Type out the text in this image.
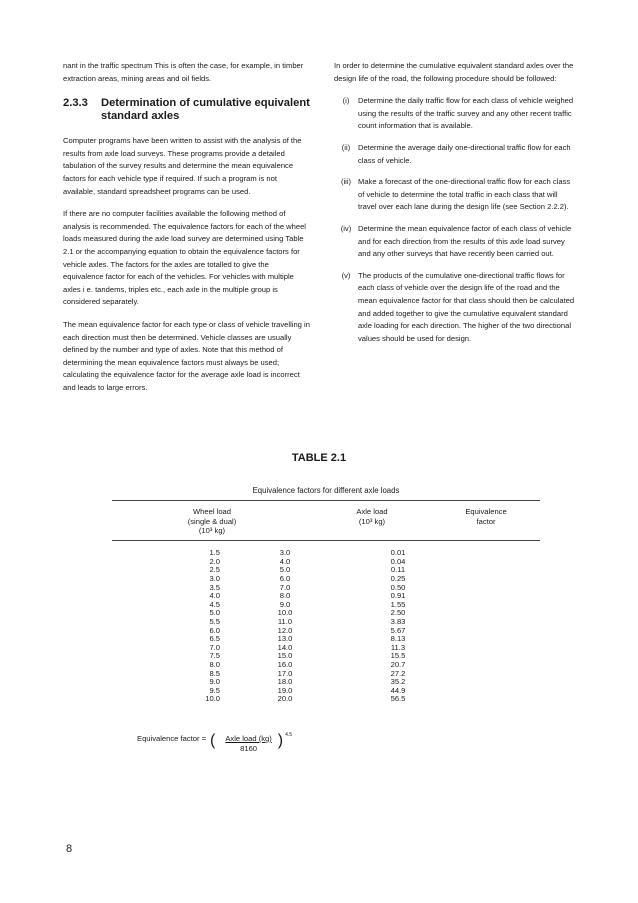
nant in the traffic spectrum This is often the case, for example, in timber extraction areas, mining areas and oil fields.

2.3.3	Determination of cumulative equivalent standard axles

Computer programs have been written to assist with the analysis of the results from axle load surveys. These programs provide a detailed tabulation of the survey results and determine the mean equivalence factors for each vehicle type if required. If such a program is not available, standard spreadsheet programs can be used.

If there are no computer facilities available the following method of analysis is recommended. The equivalence factors for each of the wheel loads measured during the axle load survey are determined using Table 2.1 or the accompanying equation to obtain the equivalence factors for vehicle axles. The factors for the axles are totalled to give the equivalence factor for each of the vehicles. For vehicles with multiple axles i e. tandems, triples etc., each axle in the multiple group is considered separately.

The mean equivalence factor for each type or class of vehicle travelling in each direction must then be determined. Vehicle classes are usually defined by the number and type of axles. Note that this method of determining the mean equivalence factors must always be used; calculating the equivalence factor for the average axle load is incorrect and leads to large errors.

In order to determine the cumulative equivalent standard axles over the design life of the road, the following procedure should be followed:

(i)	Determine the daily traffic flow for each class of vehicle weighed using the results of the traffic survey and any other recent traffic count information that is available.
(ii)	Determine the average daily one-directional traffic flow for each class of vehicle.
(iii) Make a forecast of the one-directional traffic flow for each class of vehicle to determine the total traffic in each class that will travel over each lane during the design life (see Section 2.2.2).
(iv) Determine the mean equivalence factor of each class of vehicle and for each direction from the results of this axle load survey and any other surveys that have recently been carried out.
(v) The products of the cumulative one-directional traffic flows for each class of vehicle over the design life of the road and the mean equivalence factor for that class should then be calculated and added together to give the cumulative equivalent standard axle loading for each direction. The higher of the two directional values should be used for design.
TABLE 2.1
Equivalence factors for different axle loads
Wheel load
(single & dual)
(10³ kg)
Axle load
(10³ kg)
Equivalence
factor
1.5	3.0	0.01
2.0	4.0	0.04
2.5	5.0	0.11
3.0	6.0	0.25
3.5	7.0	0.50
4.0	8.0	0.91
4.5	9.0	1.55
5.0	10.0	2.50
5.5	11.0	3.83
6.0	12.0	5.67
6.5	13.0	8.13
7.0	14.0	11.3
7.5	15.0	15.5
8.0	16.0	20.7
8.5	17.0	27.2
9.0	18.0	35.2
9.5	19.0	44.9
10.0	20.0	56.5
Equivalence factor = ( $\frac{\text{Axle load (kg)}}{8160}$ ) 4.5
8
